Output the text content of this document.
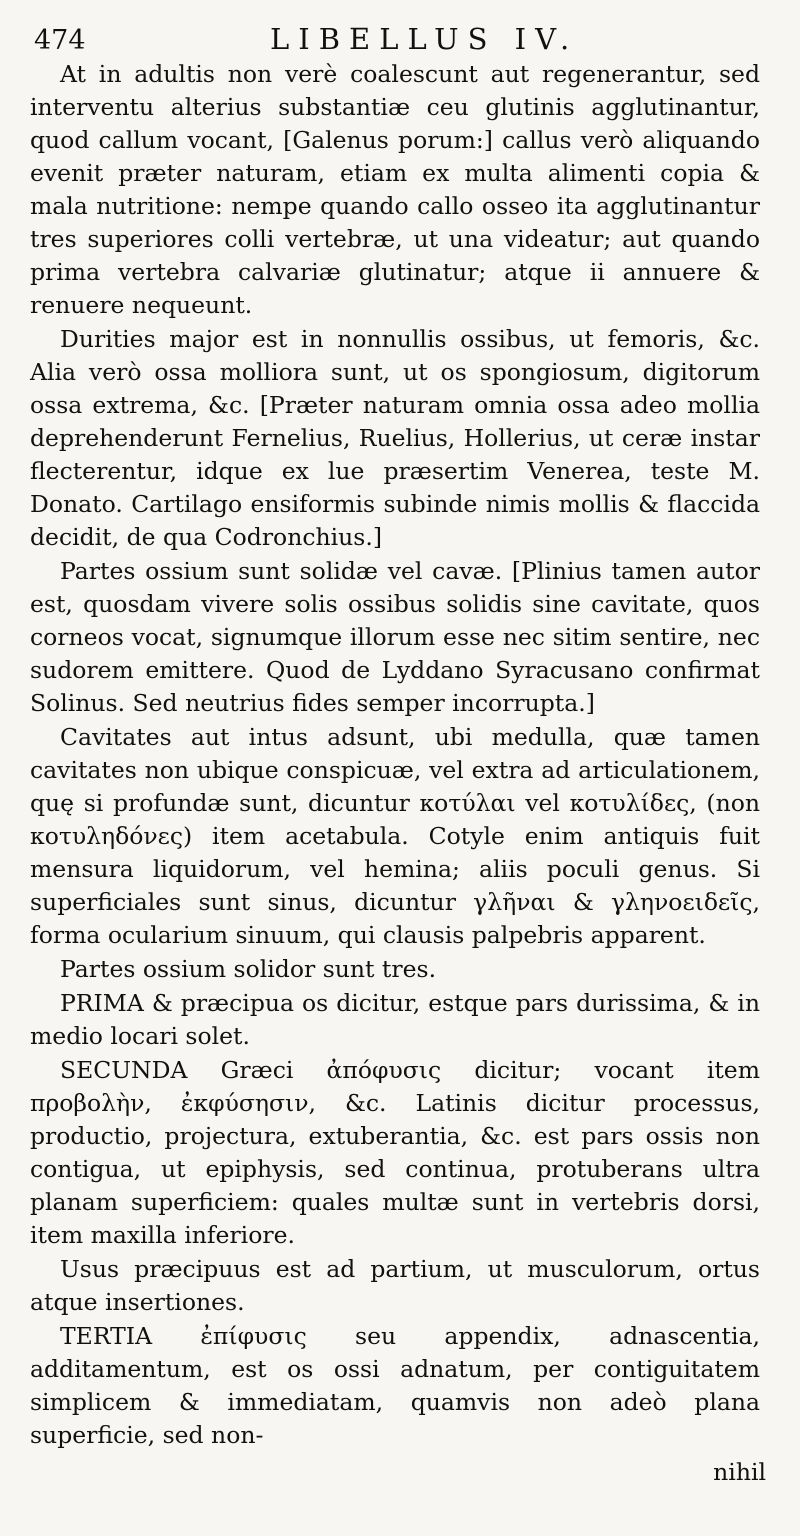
474	LIBELLUS IV.

At in adultis non verè coalescunt aut regenerantur, sed interventu alterius substantiæ ceu glutinis agglutinantur, quod callum vocant, [Galenus porum:] callus verò aliquando evenit præter naturam, etiam ex multa alimenti copia & mala nutritione: nempe quando callo osseo ita agglutinantur tres superiores colli vertebræ, ut una videatur; aut quando prima vertebra calvariæ glutinatur; atque ii annuere & renuere nequeunt.

Durities major est in nonnullis ossibus, ut femoris, &c. Alia verò ossa molliora sunt, ut os spongiosum, digitorum ossa extrema, &c. [Præter naturam omnia ossa adeo mollia deprehenderunt Fernelius, Ruelius, Hollerius, ut ceræ instar flecterentur, idque ex lue præsertim Venerea, teste M. Donato. Cartilago ensiformis subinde nimis mollis & flaccida decidit, de qua Codronchius.]

Partes ossium sunt solidæ vel cavæ. [Plinius tamen autor est, quosdam vivere solis ossibus solidis sine cavitate, quos corneos vocat, signumque illorum esse nec sitim sentire, nec sudorem emittere. Quod de Lyddano Syracusano confirmat Solinus. Sed neutrius fides semper incorrupta.]

Cavitates aut intus adsunt, ubi medulla, quæ tamen cavitates non ubique conspicuæ, vel extra ad articulationem, quę si profundæ sunt, dicuntur κοτύλαι vel κοτυλίδες, (non κοτυληδόνες) item acetabula. Cotyle enim antiquis fuit mensura liquidorum, vel hemina; aliis poculi genus. Si superficiales sunt sinus, dicuntur γλῆναι & γληνοειδεῖς, forma ocularium sinuum, qui clausis palpebris apparent.

Partes ossium solidor sunt tres.

PRIMA & præcipua os dicitur, estque pars durissima, & in medio locari solet.

SECUNDA Græci ἀπόφυσις dicitur; vocant item προβολὴν, ἐκφύσησιν, &c. Latinis dicitur processus, productio, projectura, extuberantia, &c. est pars ossis non contigua, ut epiphysis, sed continua, protuberans ultra planam superficiem: quales multæ sunt in vertebris dorsi, item maxilla inferiore.

Usus præcipuus est ad partium, ut musculorum, ortus atque insertiones.

TERTIA ἐπίφυσις seu appendix, adnascentia, additamentum, est os ossi adnatum, per contiguitatem simplicem & immediatam, quamvis non adeò plana superficie, sed non-

nihil
